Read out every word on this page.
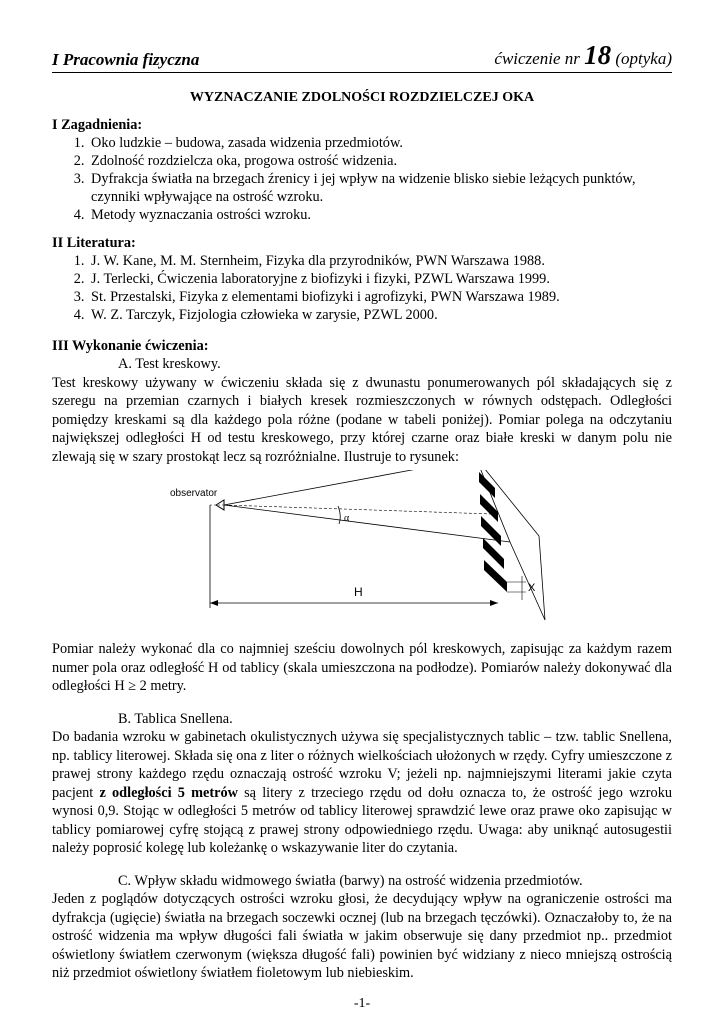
I Pracownia fizyczna	ćwiczenie nr 18 (optyka)
WYZNACZANIE ZDOLNOŚCI ROZDZIELCZEJ OKA
I Zagadnienia:
1. Oko ludzkie – budowa, zasada widzenia przedmiotów.
2. Zdolność rozdzielcza oka, progowa ostrość widzenia.
3. Dyfrakcja światła na brzegach źrenicy i jej wpływ na widzenie blisko siebie leżących punktów, czynniki wpływające na ostrość wzroku.
4. Metody wyznaczania ostrości wzroku.
II Literatura:
1. J. W. Kane, M. M. Sternheim, Fizyka dla przyrodników, PWN Warszawa 1988.
2. J. Terlecki, Ćwiczenia laboratoryjne z biofizyki i fizyki, PZWL Warszawa 1999.
3. St. Przestalski, Fizyka z elementami biofizyki i agrofizyki, PWN Warszawa 1989.
4. W. Z. Tarczyk, Fizjologia człowieka w zarysie, PZWL 2000.
III Wykonanie ćwiczenia:
A. Test kreskowy.

Test kreskowy używany w ćwiczeniu składa się z dwunastu ponumerowanych pól składających się z szeregu na przemian czarnych i białych kresek rozmieszczonych w równych odstępach. Odległości pomiędzy kreskami są dla każdego pola różne (podane w tabeli poniżej). Pomiar polega na odczytaniu największej odległości H od testu kreskowego, przy której czarne oraz białe kreski w danym polu nie zlewają się w szary prostokąt lecz są rozróżnialne. Ilustruje to rysunek:

observator
α
H	X

Pomiar należy wykonać dla co najmniej sześciu dowolnych pól kreskowych, zapisując za każdym razem numer pola oraz odległość H od tablicy (skala umieszczona na podłodze). Pomiarów należy dokonywać dla odległości H ≥ 2 metry.

B. Tablica Snellena.

Do badania wzroku w gabinetach okulistycznych używa się specjalistycznych tablic – tzw. tablic Snellena, np. tablicy literowej. Składa się ona z liter o różnych wielkościach ułożonych w rzędy. Cyfry umieszczone z prawej strony każdego rzędu oznaczają ostrość wzroku V; jeżeli np. najmniejszymi literami jakie czyta pacjent z odległości 5 metrów są litery z trzeciego rzędu od dołu oznacza to, że ostrość jego wzroku wynosi 0,9. Stojąc w odległości 5 metrów od tablicy literowej sprawdzić lewe oraz prawe oko zapisując w tablicy pomiarowej cyfrę stojącą z prawej strony odpowiedniego rzędu. Uwaga: aby uniknąć autosugestii należy poprosić kolegę lub koleżankę o wskazywanie liter do czytania.

C. Wpływ składu widmowego światła (barwy) na ostrość widzenia przedmiotów.

Jeden z poglądów dotyczących ostrości wzroku głosi, że decydujący wpływ na ograniczenie ostrości ma dyfrakcja (ugięcie) światła na brzegach soczewki ocznej (lub na brzegach tęczówki). Oznaczałoby to, że na ostrość widzenia ma wpływ długości fali światła w jakim obserwuje się dany przedmiot np.. przedmiot oświetlony światłem czerwonym (większa długość fali) powinien być widziany z nieco mniejszą ostrością niż przedmiot oświetlony światłem fioletowym lub niebieskim.

-1-
